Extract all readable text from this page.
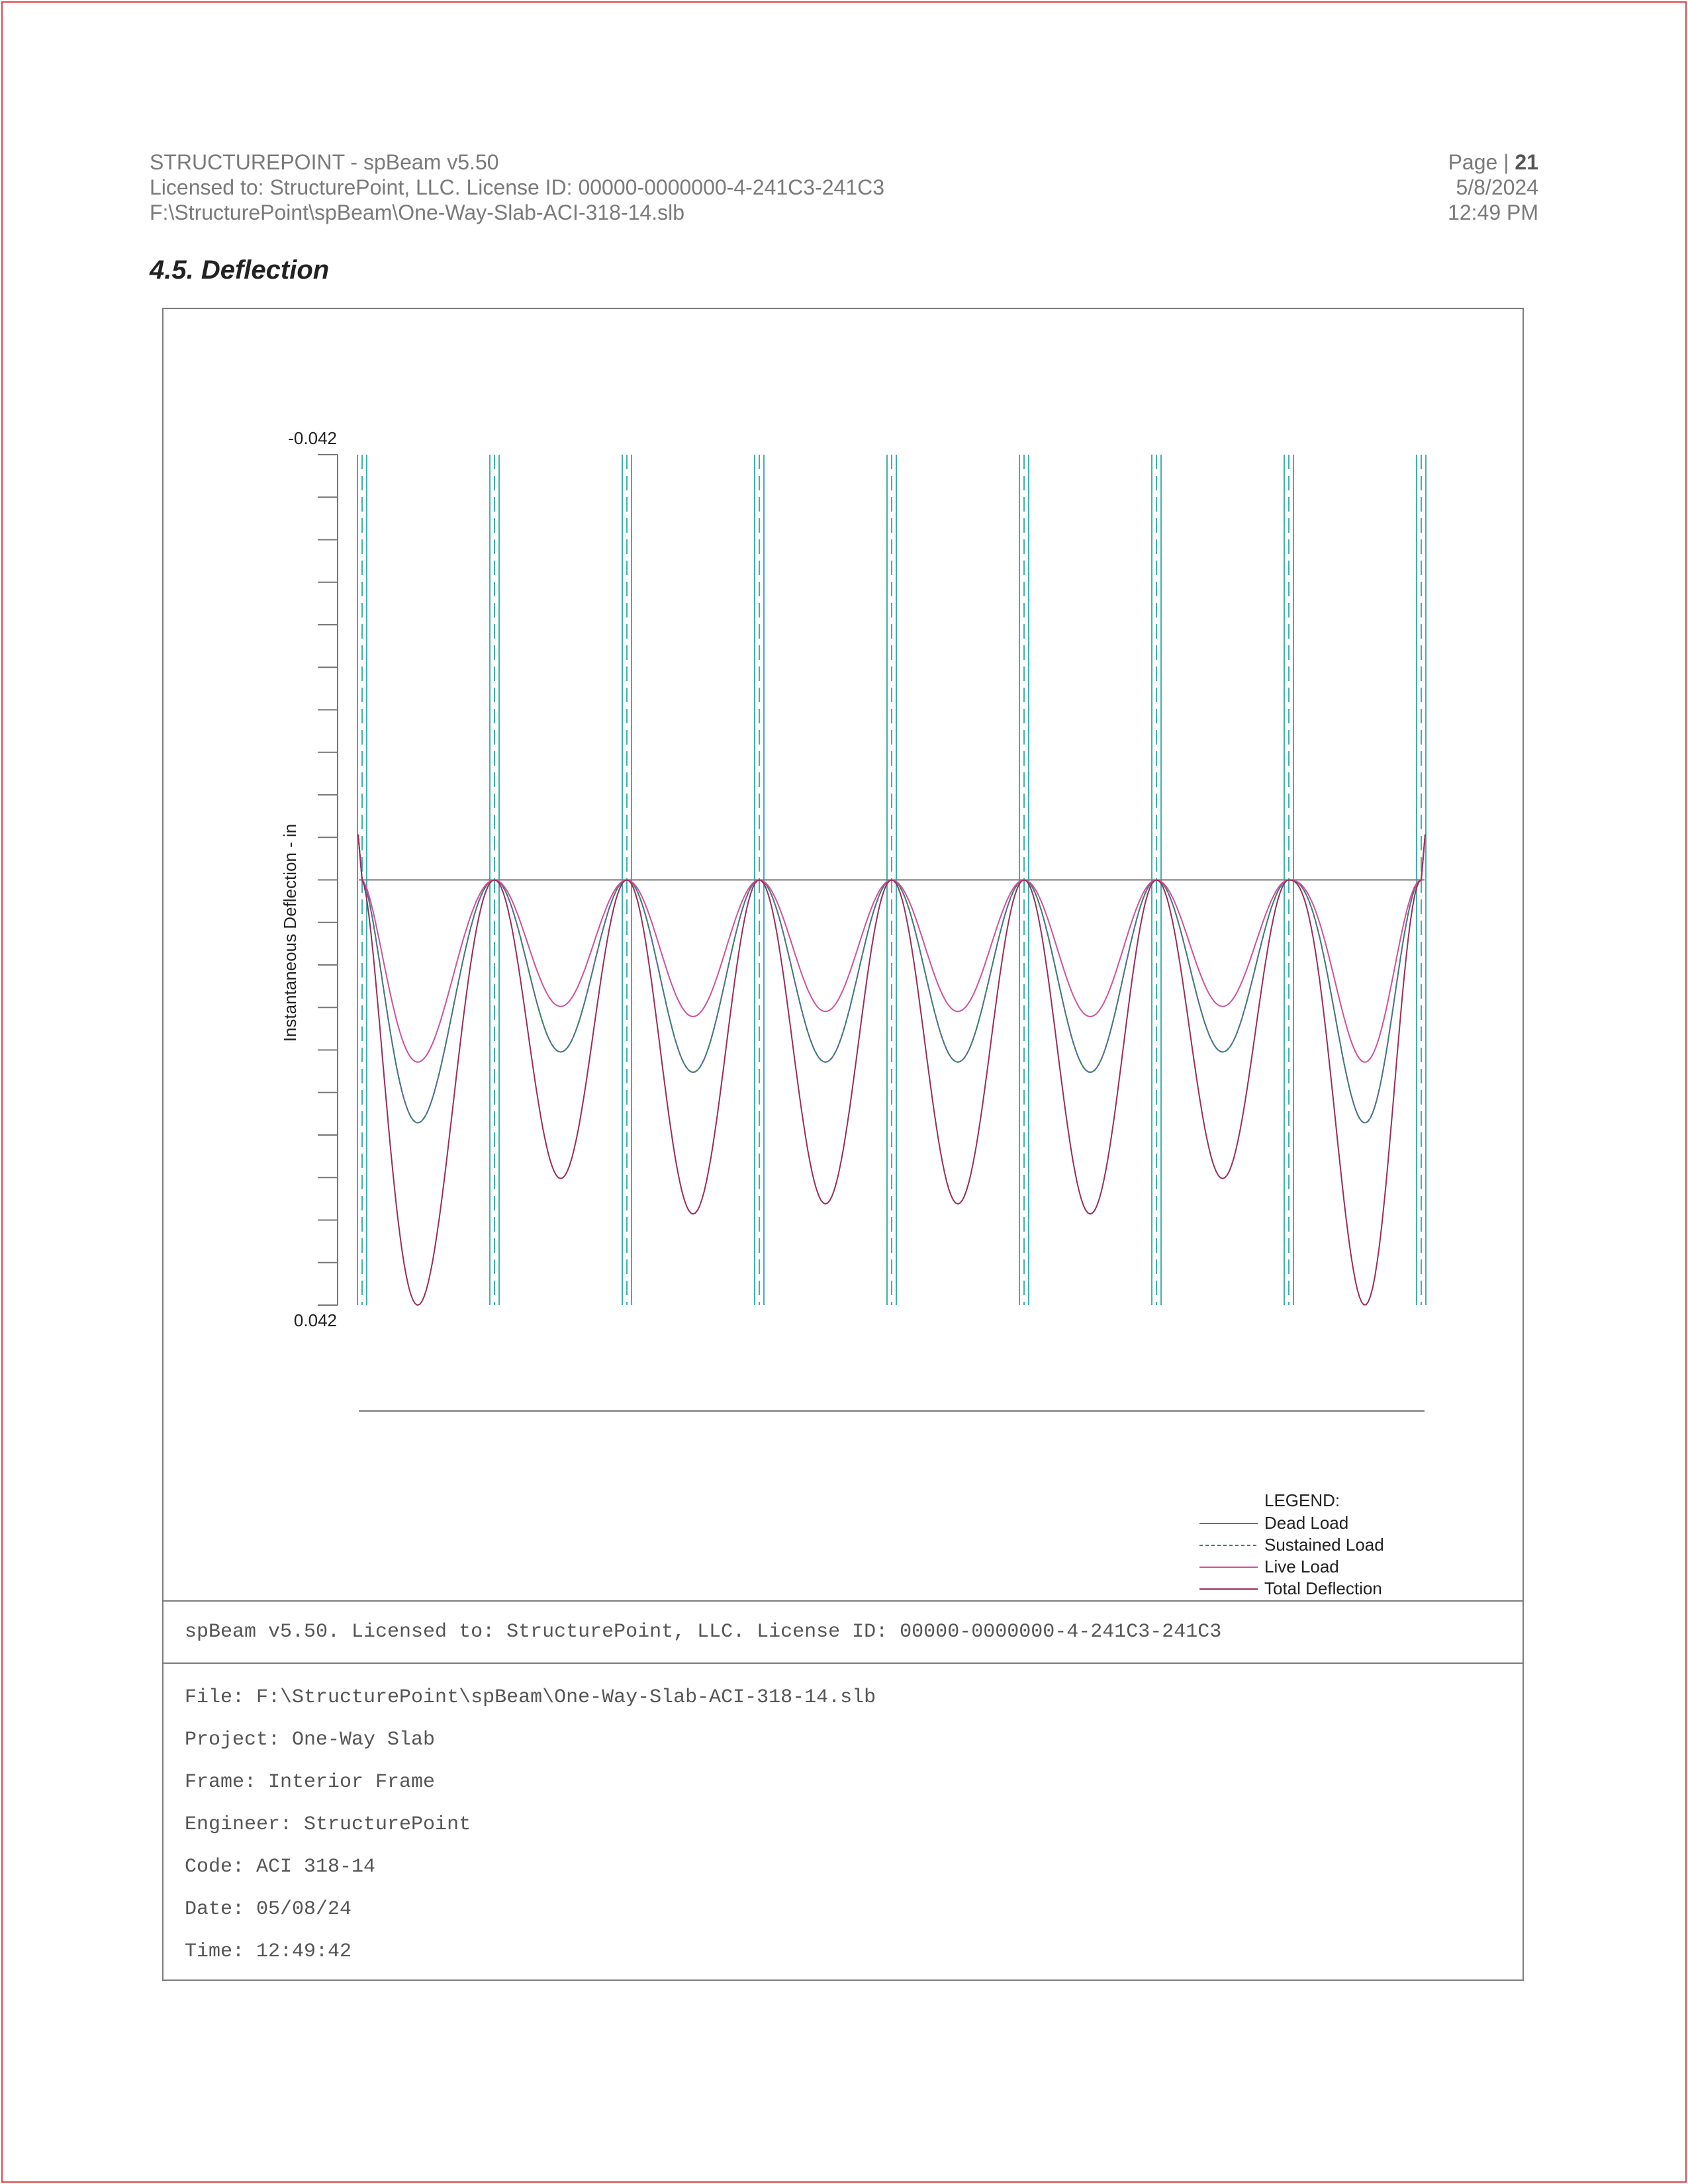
STRUCTUREPOINT - spBeam v5.50
Licensed to: StructurePoint, LLC. License ID: 00000-0000000-4-241C3-241C3
F:\StructurePoint\spBeam\One-Way-Slab-ACI-318-14.slb
Page | 21
5/8/2024
12:49 PM
4.5. Deflection
-0.042
0.042
Instantaneous Deflection - in
LEGEND:
Dead Load
Sustained Load
Live Load
Total Deflection
spBeam v5.50. Licensed to: StructurePoint, LLC. License ID: 00000-0000000-4-241C3-241C3
File: F:\StructurePoint\spBeam\One-Way-Slab-ACI-318-14.slb
Project: One-Way Slab
Frame: Interior Frame
Engineer: StructurePoint
Code: ACI 318-14
Date: 05/08/24
Time: 12:49:42
